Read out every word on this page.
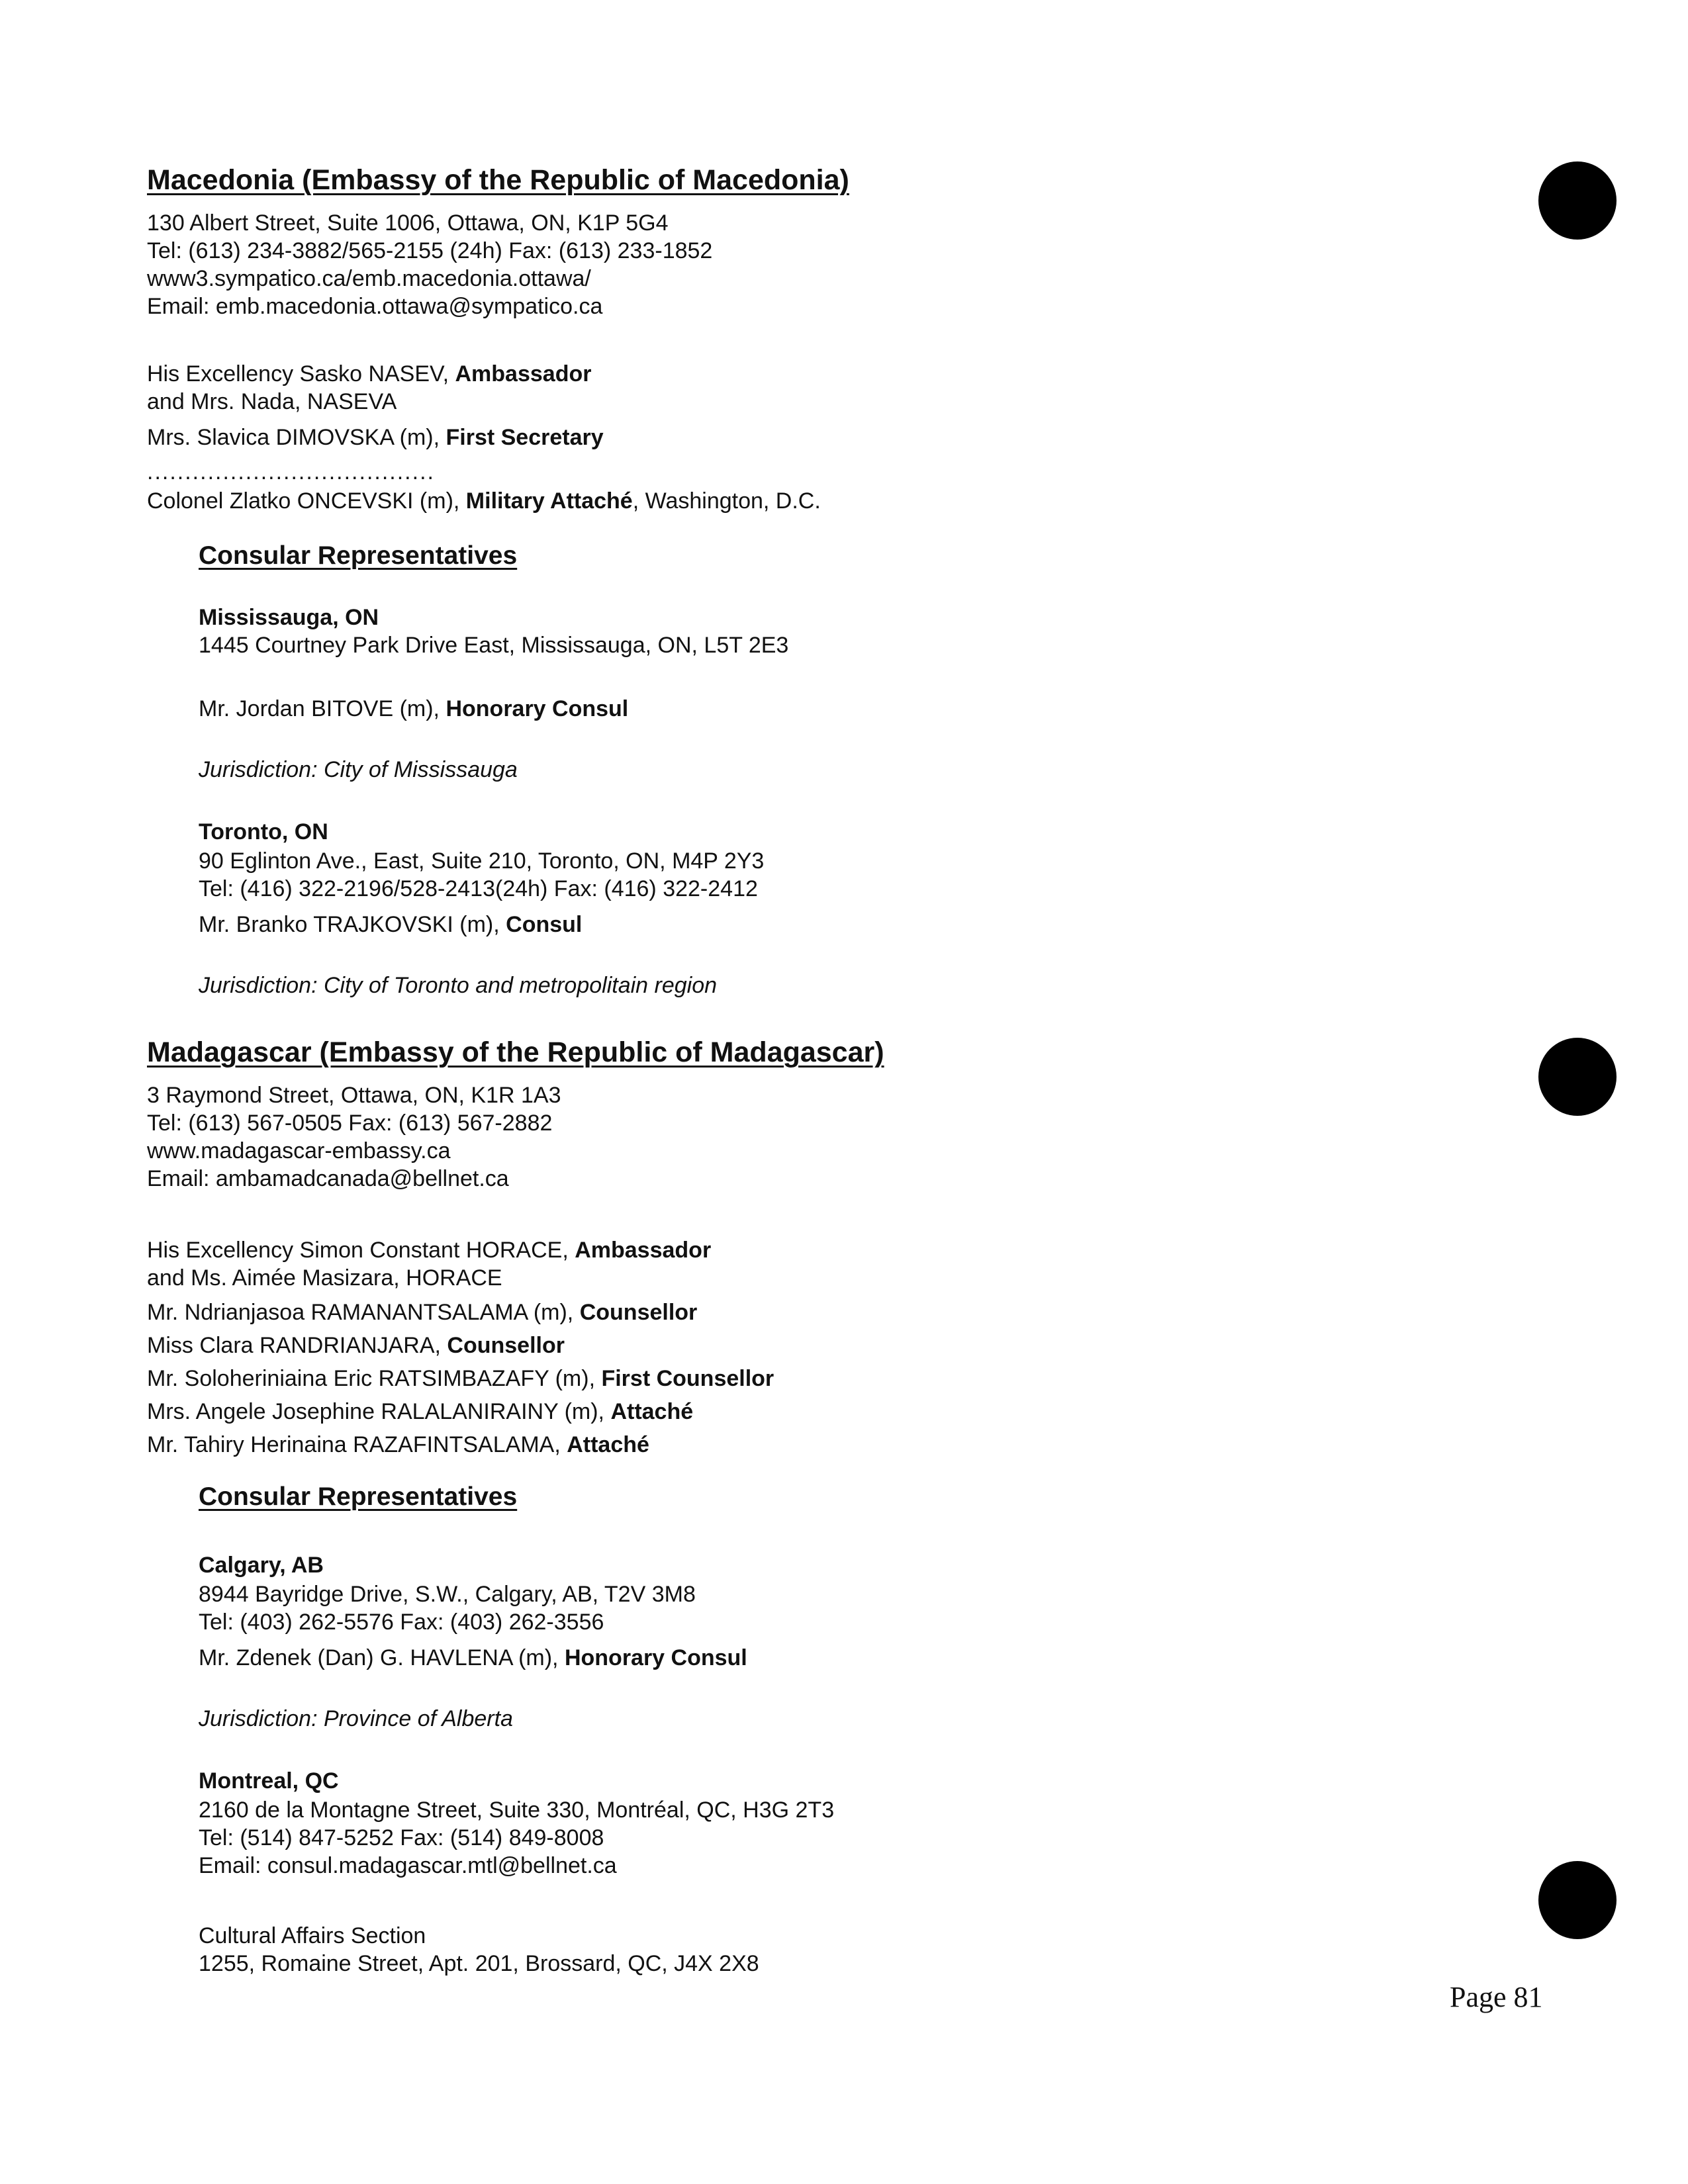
Macedonia (Embassy of the Republic of Macedonia)
130 Albert Street, Suite 1006, Ottawa, ON, K1P 5G4
Tel: (613) 234-3882/565-2155 (24h) Fax: (613) 233-1852
www3.sympatico.ca/emb.macedonia.ottawa/
Email: emb.macedonia.ottawa@sympatico.ca
His Excellency Sasko NASEV, Ambassador
and Mrs. Nada, NASEVA
Mrs. Slavica DIMOVSKA (m), First Secretary
......................................
Colonel Zlatko ONCEVSKI (m), Military Attaché, Washington, D.C.
Consular Representatives
Mississauga, ON
1445 Courtney Park Drive East, Mississauga, ON, L5T 2E3
Mr. Jordan BITOVE (m), Honorary Consul
Jurisdiction: City of Mississauga
Toronto, ON
90 Eglinton Ave., East, Suite 210, Toronto, ON, M4P 2Y3
Tel: (416) 322-2196/528-2413(24h) Fax: (416) 322-2412
Mr. Branko TRAJKOVSKI (m), Consul
Jurisdiction: City of Toronto and metropolitain region
Madagascar (Embassy of the Republic of Madagascar)
3 Raymond Street, Ottawa, ON, K1R 1A3
Tel: (613) 567-0505 Fax: (613) 567-2882
www.madagascar-embassy.ca
Email: ambamadcanada@bellnet.ca
His Excellency Simon Constant HORACE, Ambassador
and Ms. Aimée Masizara, HORACE
Mr. Ndrianjasoa RAMANANTSALAMA (m), Counsellor
Miss Clara RANDRIANJARA, Counsellor
Mr. Soloheriniaina Eric RATSIMBAZAFY (m), First Counsellor
Mrs. Angele Josephine RALALANIRAINY (m), Attaché
Mr. Tahiry Herinaina RAZAFINTSALAMA, Attaché
Consular Representatives
Calgary, AB
8944 Bayridge Drive, S.W., Calgary, AB, T2V 3M8
Tel: (403) 262-5576 Fax: (403) 262-3556
Mr. Zdenek (Dan) G. HAVLENA (m), Honorary Consul
Jurisdiction: Province of Alberta
Montreal, QC
2160 de la Montagne Street, Suite 330, Montréal, QC, H3G 2T3
Tel: (514) 847-5252 Fax: (514) 849-8008
Email: consul.madagascar.mtl@bellnet.ca
Cultural Affairs Section
1255, Romaine Street, Apt. 201, Brossard, QC, J4X 2X8
Page 81
